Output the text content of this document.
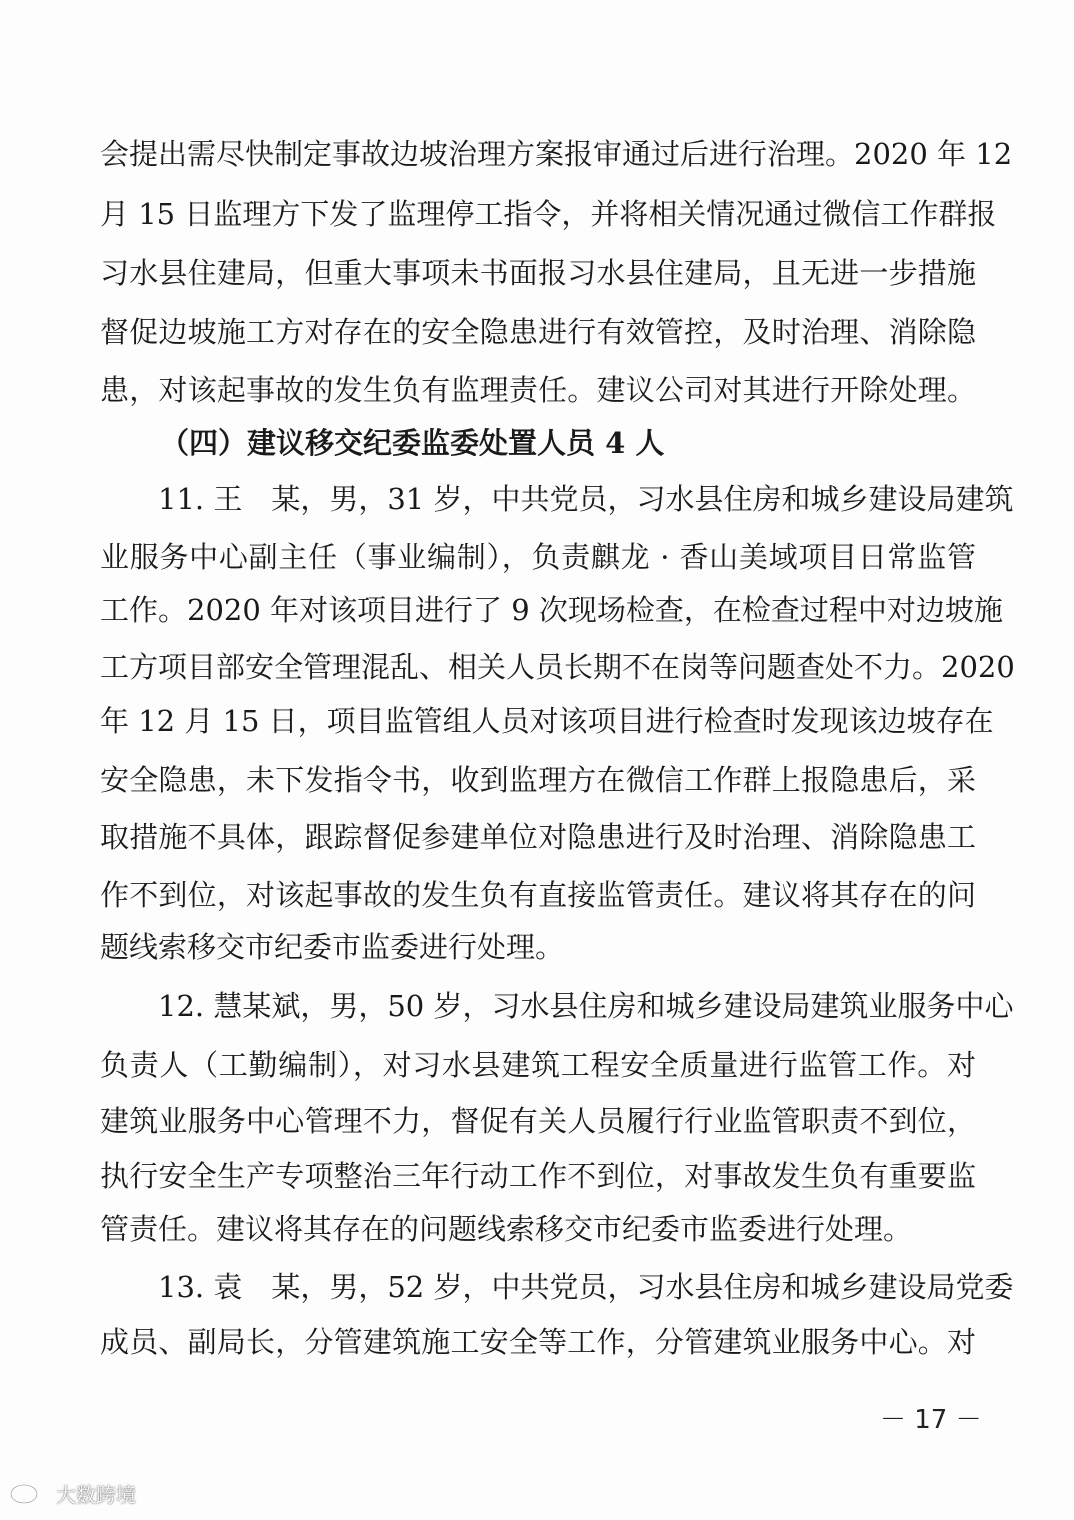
会提出需尽快制定事故边坡治理方案报审通过后进行治理。2020 年 12
月 15 日监理方下发了监理停工指令，并将相关情况通过微信工作群报
习水县住建局，但重大事项未书面报习水县住建局，且无进一步措施
督促边坡施工方对存在的安全隐患进行有效管控，及时治理、消除隐
患，对该起事故的发生负有监理责任。建议公司对其进行开除处理。
（四）建议移交纪委监委处置人员 4 人
11. 王　某，男，31 岁，中共党员，习水县住房和城乡建设局建筑
业服务中心副主任（事业编制），负责麒龙 · 香山美域项目日常监管
工作。2020 年对该项目进行了 9 次现场检查，在检查过程中对边坡施
工方项目部安全管理混乱、相关人员长期不在岗等问题查处不力。2020
年 12 月 15 日，项目监管组人员对该项目进行检查时发现该边坡存在
安全隐患，未下发指令书，收到监理方在微信工作群上报隐患后，采
取措施不具体，跟踪督促参建单位对隐患进行及时治理、消除隐患工
作不到位，对该起事故的发生负有直接监管责任。建议将其存在的问
题线索移交市纪委市监委进行处理。
12. 慧某斌，男，50 岁，习水县住房和城乡建设局建筑业服务中心
负责人（工勤编制），对习水县建筑工程安全质量进行监管工作。对
建筑业服务中心管理不力，督促有关人员履行行业监管职责不到位，
执行安全生产专项整治三年行动工作不到位，对事故发生负有重要监
管责任。建议将其存在的问题线索移交市纪委市监委进行处理。
13. 袁　某，男，52 岁，中共党员，习水县住房和城乡建设局党委
成员、副局长，分管建筑施工安全等工作，分管建筑业服务中心。对
－ 17 －
大数跨境
